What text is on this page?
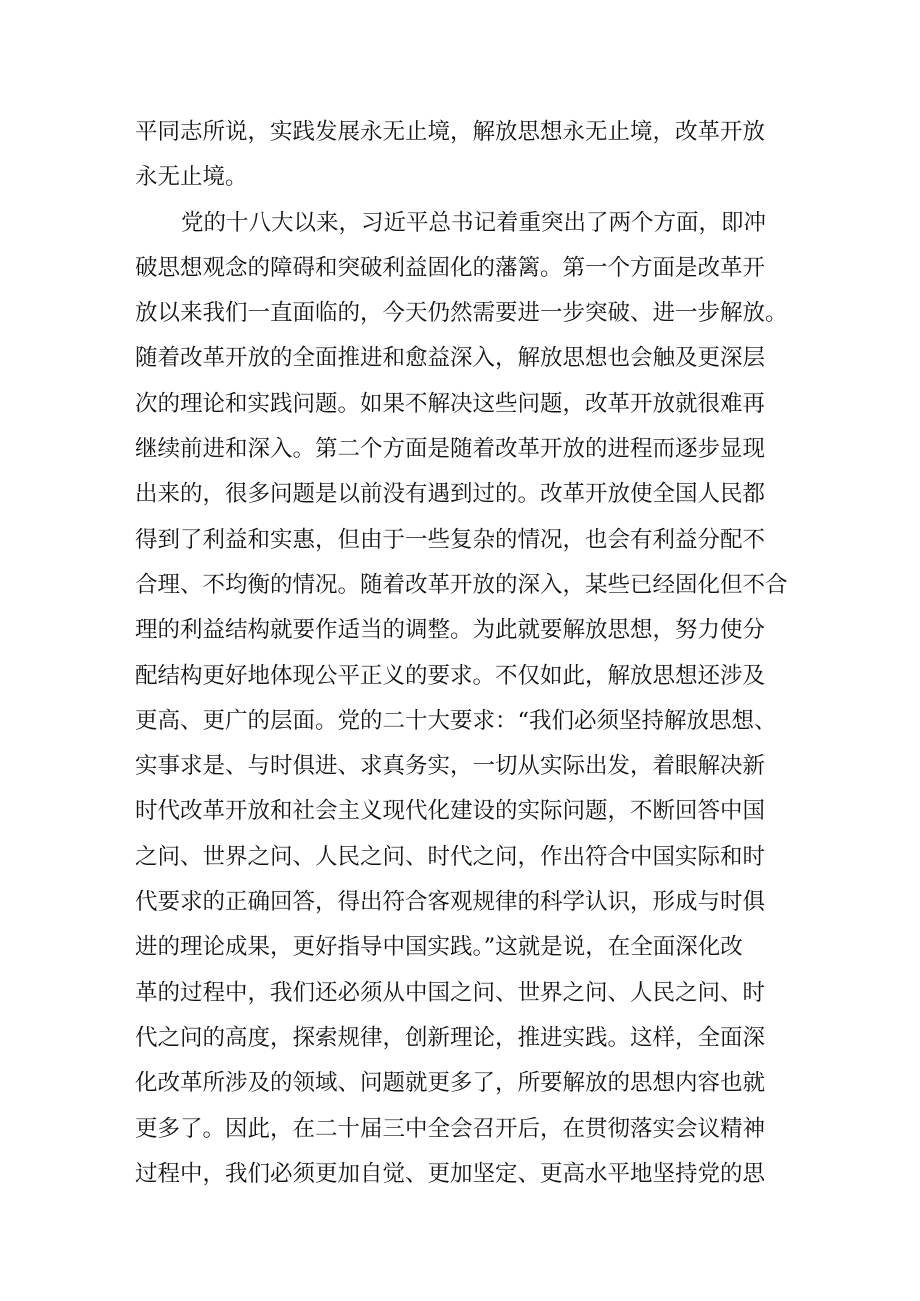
平同志所说，实践发展永无止境，解放思想永无止境，改革开放
永无止境。
党的十八大以来，习近平总书记着重突出了两个方面，即冲
破思想观念的障碍和突破利益固化的藩篱。第一个方面是改革开
放以来我们一直面临的，今天仍然需要进一步突破、进一步解放。
随着改革开放的全面推进和愈益深入，解放思想也会触及更深层
次的理论和实践问题。如果不解决这些问题，改革开放就很难再
继续前进和深入。第二个方面是随着改革开放的进程而逐步显现
出来的，很多问题是以前没有遇到过的。改革开放使全国人民都
得到了利益和实惠，但由于一些复杂的情况，也会有利益分配不
合理、不均衡的情况。随着改革开放的深入，某些已经固化但不合
理的利益结构就要作适当的调整。为此就要解放思想，努力使分
配结构更好地体现公平正义的要求。不仅如此，解放思想还涉及
更高、更广的层面。党的二十大要求：“我们必须坚持解放思想、
实事求是、与时俱进、求真务实，一切从实际出发，着眼解决新
时代改革开放和社会主义现代化建设的实际问题，不断回答中国
之问、世界之问、人民之问、时代之问，作出符合中国实际和时
代要求的正确回答，得出符合客观规律的科学认识，形成与时俱
进的理论成果，更好指导中国实践。”这就是说，在全面深化改
革的过程中，我们还必须从中国之问、世界之问、人民之问、时
代之问的高度，探索规律，创新理论，推进实践。这样，全面深
化改革所涉及的领域、问题就更多了，所要解放的思想内容也就
更多了。因此，在二十届三中全会召开后，在贯彻落实会议精神
过程中，我们必须更加自觉、更加坚定、更高水平地坚持党的思
